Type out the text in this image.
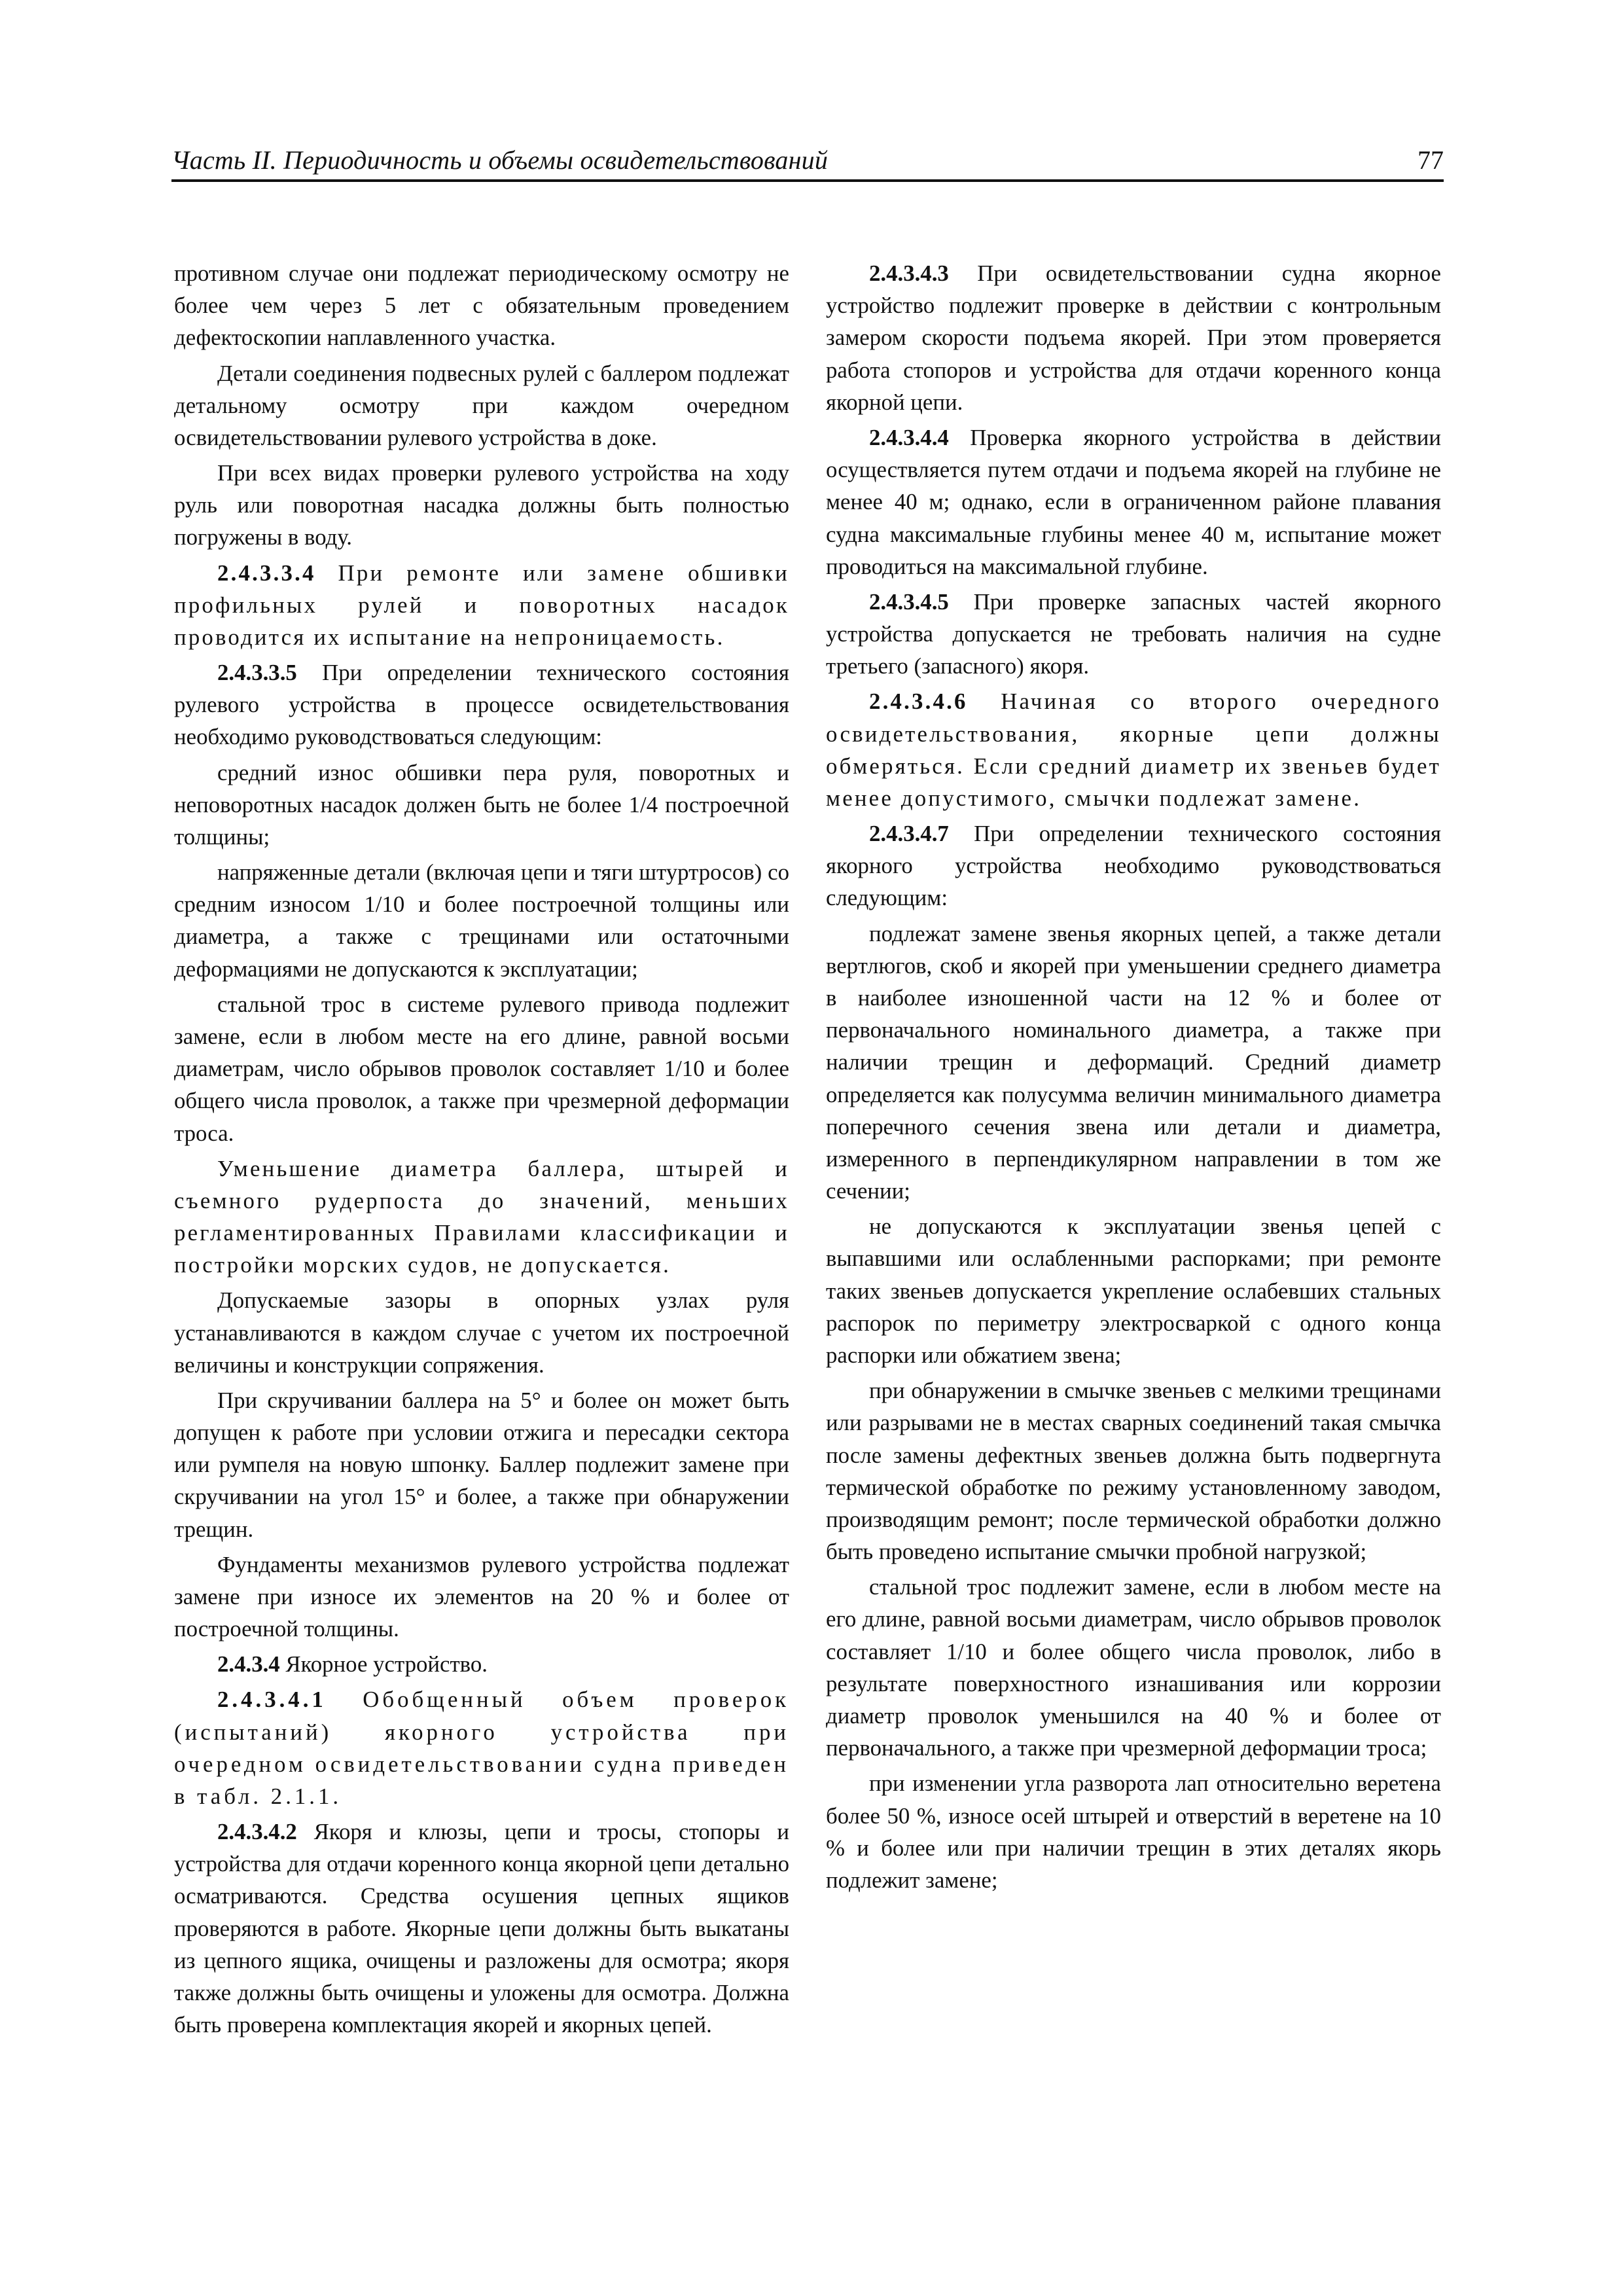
Часть II. Периодичность и объемы освидетельствований	77

противном случае они подлежат периодическому осмотру не более чем через 5 лет с обязательным проведением дефектоскопии наплавленного участка.

Детали соединения подвесных рулей с баллером подлежат детальному осмотру при каждом очередном освидетельствовании рулевого устройства в доке.

При всех видах проверки рулевого устройства на ходу руль или поворотная насадка должны быть полностью погружены в воду.

2.4.3.3.4 При ремонте или замене обшивки профильных рулей и поворотных насадок проводится их испытание на непроницаемость.

2.4.3.3.5 При определении технического состояния рулевого устройства в процессе освидетельствования необходимо руководствоваться следующим:

средний износ обшивки пера руля, поворотных и неповоротных насадок должен быть не более 1/4 построечной толщины;

напряженные детали (включая цепи и тяги штуртросов) со средним износом 1/10 и более построечной толщины или диаметра, а также с трещинами или остаточными деформациями не допускаются к эксплуатации;

стальной трос в системе рулевого привода подлежит замене, если в любом месте на его длине, равной восьми диаметрам, число обрывов проволок составляет 1/10 и более общего числа проволок, а также при чрезмерной деформации троса.

Уменьшение диаметра баллера, штырей и съемного рудерпоста до значений, меньших регламентированных Правилами классификации и постройки морских судов, не допускается.

Допускаемые зазоры в опорных узлах руля устанавливаются в каждом случае с учетом их построечной величины и конструкции сопряжения.

При скручивании баллера на 5° и более он может быть допущен к работе при условии отжига и пересадки сектора или румпеля на новую шпонку. Баллер подлежит замене при скручивании на угол 15° и более, а также при обнаружении трещин.

Фундаменты механизмов рулевого устройства подлежат замене при износе их элементов на 20 % и более от построечной толщины.

2.4.3.4 Якорное устройство.

2.4.3.4.1 Обобщенный объем проверок (испытаний) якорного устройства при очередном освидетельствовании судна приведен в табл. 2.1.1.

2.4.3.4.2 Якоря и клюзы, цепи и тросы, стопоры и устройства для отдачи коренного конца якорной цепи детально осматриваются. Средства осушения цепных ящиков проверяются в работе. Якорные цепи должны быть выкатаны из цепного ящика, очищены и разложены для осмотра; якоря также должны быть очищены и уложены для осмотра. Должна быть проверена комплектация якорей и якорных цепей.

2.4.3.4.3 При освидетельствовании судна якорное устройство подлежит проверке в действии с контрольным замером скорости подъема якорей. При этом проверяется работа стопоров и устройства для отдачи коренного конца якорной цепи.

2.4.3.4.4 Проверка якорного устройства в действии осуществляется путем отдачи и подъема якорей на глубине не менее 40 м; однако, если в ограниченном районе плавания судна максимальные глубины менее 40 м, испытание может проводиться на максимальной глубине.

2.4.3.4.5 При проверке запасных частей якорного устройства допускается не требовать наличия на судне третьего (запасного) якоря.

2.4.3.4.6 Начиная со второго очередного освидетельствования, якорные цепи должны обмеряться. Если средний диаметр их звеньев будет менее допустимого, смычки подлежат замене.

2.4.3.4.7 При определении технического состояния якорного устройства необходимо руководствоваться следующим:

подлежат замене звенья якорных цепей, а также детали вертлюгов, скоб и якорей при уменьшении среднего диаметра в наиболее изношенной части на 12 % и более от первоначального номинального диаметра, а также при наличии трещин и деформаций. Средний диаметр определяется как полусумма величин минимального диаметра поперечного сечения звена или детали и диаметра, измеренного в перпендикулярном направлении в том же сечении;

не допускаются к эксплуатации звенья цепей с выпавшими или ослабленными распорками; при ремонте таких звеньев допускается укрепление ослабевших стальных распорок по периметру электросваркой с одного конца распорки или обжатием звена;

при обнаружении в смычке звеньев с мелкими трещинами или разрывами не в местах сварных соединений такая смычка после замены дефектных звеньев должна быть подвергнута термической обработке по режиму установленному заводом, производящим ремонт; после термической обработки должно быть проведено испытание смычки пробной нагрузкой;

стальной трос подлежит замене, если в любом месте на его длине, равной восьми диаметрам, число обрывов проволок составляет 1/10 и более общего числа проволок, либо в результате поверхностного изнашивания или коррозии диаметр проволок уменьшился на 40 % и более от первоначального, а также при чрезмерной деформации троса;

при изменении угла разворота лап относительно веретена более 50 %, износе осей штырей и отверстий в веретене на 10 % и более или при наличии трещин в этих деталях якорь подлежит замене;
